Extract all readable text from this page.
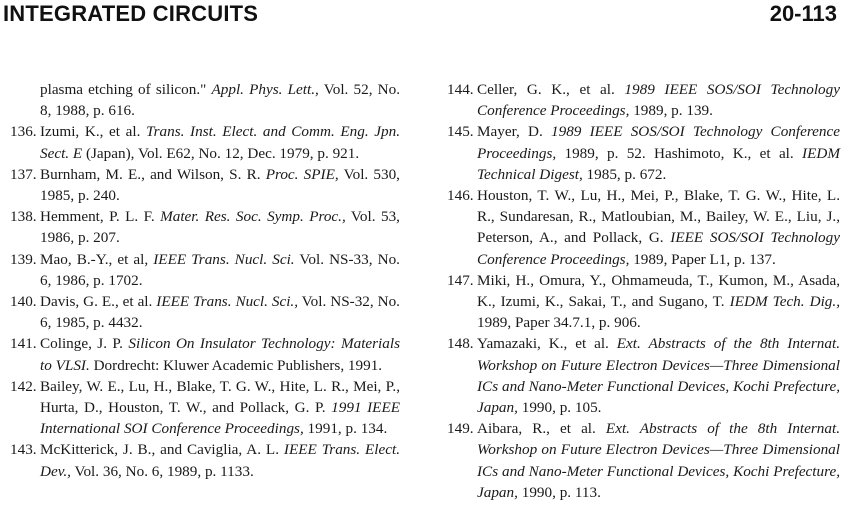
INTEGRATED CIRCUITS	20-113

plasma etching of silicon." Appl. Phys. Lett., Vol. 52, No. 8, 1988, p. 616.

136. Izumi, K., et al. Trans. Inst. Elect. and Comm. Eng. Jpn. Sect. E (Japan), Vol. E62, No. 12, Dec. 1979, p. 921.

137. Burnham, M. E., and Wilson, S. R. Proc. SPIE, Vol. 530, 1985, p. 240.

138. Hemment, P. L. F. Mater. Res. Soc. Symp. Proc., Vol. 53, 1986, p. 207.

139. Mao, B.-Y., et al, IEEE Trans. Nucl. Sci. Vol. NS-33, No. 6, 1986, p. 1702.

140. Davis, G. E., et al. IEEE Trans. Nucl. Sci., Vol. NS-32, No. 6, 1985, p. 4432.

141. Colinge, J. P. Silicon On Insulator Technology: Materials to VLSI. Dordrecht: Kluwer Academic Publishers, 1991.

142. Bailey, W. E., Lu, H., Blake, T. G. W., Hite, L. R., Mei, P., Hurta, D., Houston, T. W., and Pollack, G. P. 1991 IEEE International SOI Conference Proceedings, 1991, p. 134.

143. McKitterick, J. B., and Caviglia, A. L. IEEE Trans. Elect. Dev., Vol. 36, No. 6, 1989, p. 1133.

144. Celler, G. K., et al. 1989 IEEE SOS/SOI Technology Conference Proceedings, 1989, p. 139.

145. Mayer, D. 1989 IEEE SOS/SOI Technology Conference Proceedings, 1989, p. 52. Hashimoto, K., et al. IEDM Technical Digest, 1985, p. 672.

146. Houston, T. W., Lu, H., Mei, P., Blake, T. G. W., Hite, L. R., Sundaresan, R., Matloubian, M., Bailey, W. E., Liu, J., Peterson, A., and Pollack, G. IEEE SOS/SOI Technology Conference Proceedings, 1989, Paper L1, p. 137.

147. Miki, H., Omura, Y., Ohmameuda, T., Kumon, M., Asada, K., Izumi, K., Sakai, T., and Sugano, T. IEDM Tech. Dig., 1989, Paper 34.7.1, p. 906.

148. Yamazaki, K., et al. Ext. Abstracts of the 8th Internat. Workshop on Future Electron Devices—Three Dimensional ICs and Nano-Meter Functional Devices, Kochi Prefecture, Japan, 1990, p. 105.

149. Aibara, R., et al. Ext. Abstracts of the 8th Internat. Workshop on Future Electron Devices—Three Dimensional ICs and Nano-Meter Functional Devices, Kochi Prefecture, Japan, 1990, p. 113.
